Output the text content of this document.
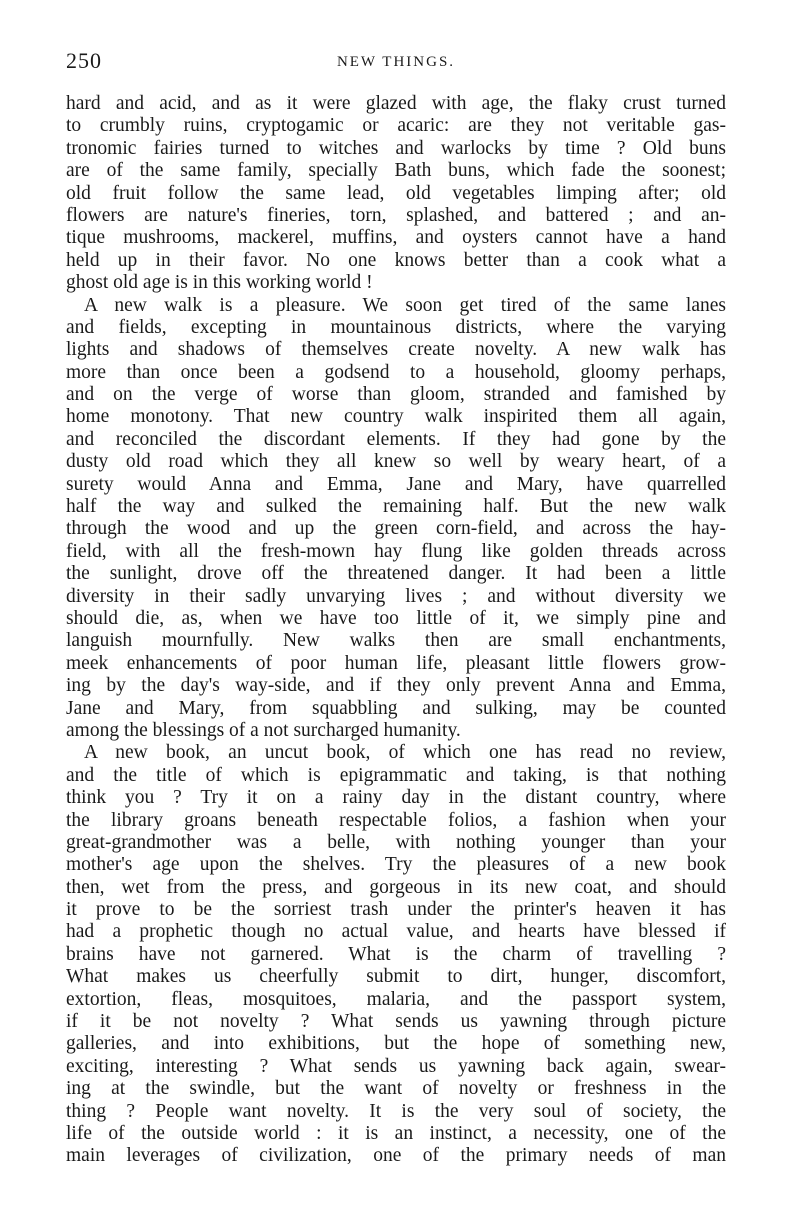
250	NEW THINGS.
hard and acid, and as it were glazed with age, the flaky crust turned
to crumbly ruins, cryptogamic or acaric: are they not veritable gas-
tronomic fairies turned to witches and warlocks by time ? Old buns
are of the same family, specially Bath buns, which fade the soonest;
old fruit follow the same lead, old vegetables limping after; old
flowers are nature's fineries, torn, splashed, and battered ; and an-
tique mushrooms, mackerel, muffins, and oysters cannot have a hand
held up in their favor. No one knows better than a cook what a
ghost old age is in this working world !
A new walk is a pleasure. We soon get tired of the same lanes
and fields, excepting in mountainous districts, where the varying
lights and shadows of themselves create novelty. A new walk has
more than once been a godsend to a household, gloomy perhaps,
and on the verge of worse than gloom, stranded and famished by
home monotony. That new country walk inspirited them all again,
and reconciled the discordant elements. If they had gone by the
dusty old road which they all knew so well by weary heart, of a
surety would Anna and Emma, Jane and Mary, have quarrelled
half the way and sulked the remaining half. But the new walk
through the wood and up the green corn-field, and across the hay-
field, with all the fresh-mown hay flung like golden threads across
the sunlight, drove off the threatened danger. It had been a little
diversity in their sadly unvarying lives ; and without diversity we
should die, as, when we have too little of it, we simply pine and
languish mournfully. New walks then are small enchantments,
meek enhancements of poor human life, pleasant little flowers grow-
ing by the day's way-side, and if they only prevent Anna and Emma,
Jane and Mary, from squabbling and sulking, may be counted
among the blessings of a not surcharged humanity.
A new book, an uncut book, of which one has read no review,
and the title of which is epigrammatic and taking, is that nothing
think you ? Try it on a rainy day in the distant country, where
the library groans beneath respectable folios, a fashion when your
great-grandmother was a belle, with nothing younger than your
mother's age upon the shelves. Try the pleasures of a new book
then, wet from the press, and gorgeous in its new coat, and should
it prove to be the sorriest trash under the printer's heaven it has
had a prophetic though no actual value, and hearts have blessed if
brains have not garnered. What is the charm of travelling ?
What makes us cheerfully submit to dirt, hunger, discomfort,
extortion, fleas, mosquitoes, malaria, and the passport system,
if it be not novelty ? What sends us yawning through picture
galleries, and into exhibitions, but the hope of something new,
exciting, interesting ? What sends us yawning back again, swear-
ing at the swindle, but the want of novelty or freshness in the
thing ? People want novelty. It is the very soul of society, the
life of the outside world : it is an instinct, a necessity, one of the
main leverages of civilization, one of the primary needs of man
